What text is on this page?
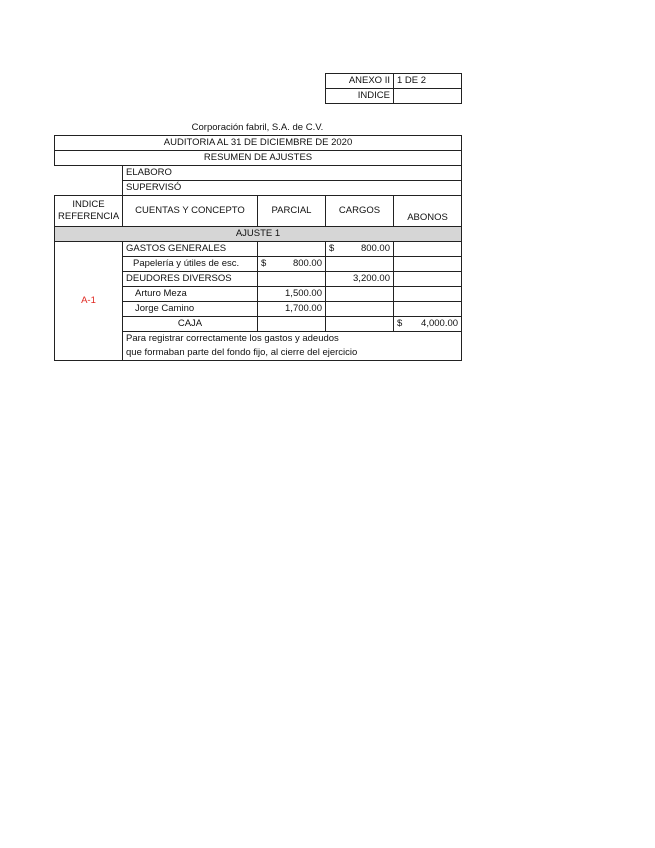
ANEXO II	1 DE 2
INDICE	
Corporación fabril, S.A. de C.V.
AUDITORIA AL 31 DE DICIEMBRE DE 2020				
RESUMEN DE AJUSTES				
	ELABORO			
	SUPERVISÓ			

INDICE
REFERENCIA	CUENTAS Y CONCEPTO	PARCIAL	CARGOS	ABONOS
AJUSTE 1				
A-1	GASTOS GENERALES		$ 800.00	

	Papelería y útiles de esc.	$ 800.00		

	DEUDORES DIVERSOS		3,200.00	
	Arturo Meza	1,500.00		
	Jorge Camino	1,700.00		
	CAJA			$ 4,000.00

	Para registrar correctamente los gastos y adeudos			
	que formaban parte del fondo fijo, al cierre del ejercicio			
